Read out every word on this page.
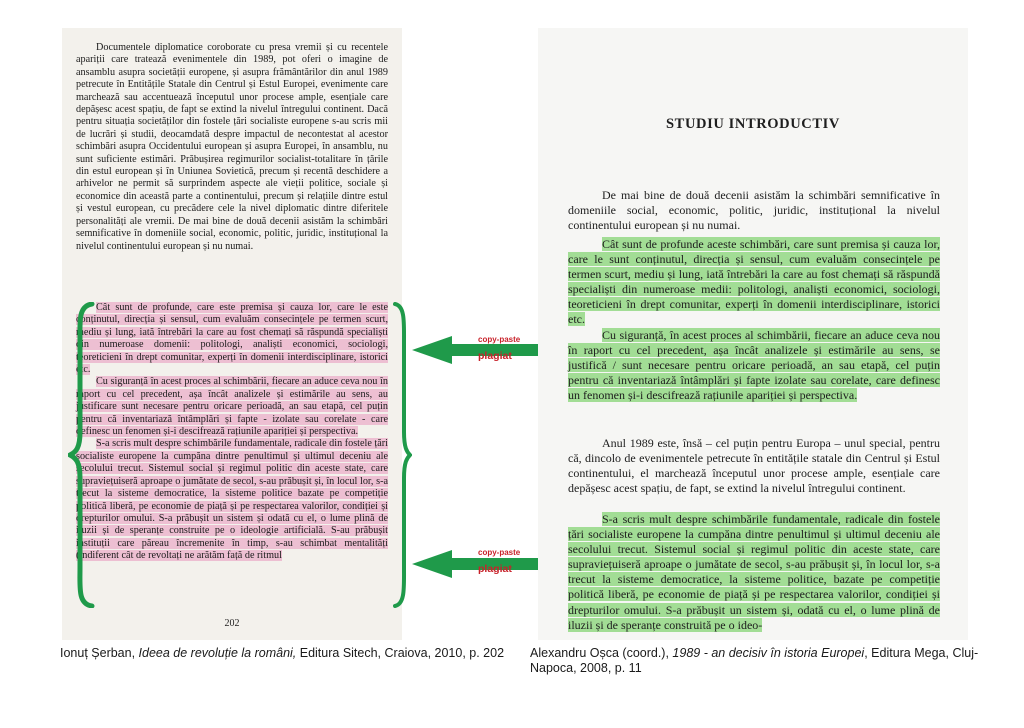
Documentele diplomatice coroborate cu presa vremii și cu recentele apariții care tratează evenimentele din 1989, pot oferi o imagine de ansamblu asupra societății europene, și asupra frământărilor din anul 1989 petrecute în Entitățile Statale din Centrul și Estul Europei, evenimente care marchează sau accentuează începutul unor procese ample, esențiale care depășesc acest spațiu, de fapt se extind la nivelul întregului continent. Dacă pentru situația societăților din fostele țări socialiste europene s-au scris mii de lucrări și studii, deocamdată despre impactul de necontestat al acestor schimbări asupra Occidentului european și asupra Europei, în ansamblu, nu sunt suficiente estimări. Prăbușirea regimurilor socialist-totalitare în țările din estul european și în Uniunea Sovietică, precum și recentă deschidere a arhivelor ne permit să surprindem aspecte ale vieții politice, sociale și economice din această parte a continentului, precum și relațiile dintre estul și vestul european, cu precădere cele la nivel diplomatic dintre diferitele personalități ale vremii. De mai bine de două decenii asistăm la schimbări semnificative în domeniile social, economic, politic, juridic, instituțional la nivelul continentului european și nu numai.

Cât sunt de profunde, care este premisa și cauza lor, care le este conținutul, direcția și sensul, cum evaluăm consecințele pe termen scurt, mediu și lung, iată întrebări la care au fost chemați să răspundă specialiști din numeroase domenii: politologi, analiști economici, sociologi, teoreticieni în drept comunitar, experți în domenii interdisciplinare, istorici etc.

Cu siguranță în acest proces al schimbării, fiecare an aduce ceva nou în raport cu cel precedent, așa încât analizele și estimările au sens, au justificare sunt necesare pentru oricare perioadă, an sau etapă, cel puțin pentru că inventariază întâmplări și fapte - izolate sau corelate - care definesc un fenomen și-i descifrează rațiunile apariției și perspectiva.

S-a scris mult despre schimbările fundamentale, radicale din fostele țări socialiste europene la cumpăna dintre penultimul și ultimul deceniu ale secolului trecut. Sistemul social și regimul politic din aceste state, care supraviețuiseră aproape o jumătate de secol, s-au prăbușit și, în locul lor, s-a trecut la sisteme democratice, la sisteme politice bazate pe competiție politică liberă, pe economie de piață și pe respectarea valorilor, condiției și drepturilor omului. S-a prăbușit un sistem și odată cu el, o lume plină de iluzii și de speranțe construite pe o ideologie artificială. S-au prăbușit instituții care păreau încremenite în timp, s-au schimbat mentalități (indiferent cât de revoltați ne arătăm față de ritmul

202
STUDIU INTRODUCTIV

De mai bine de două decenii asistăm la schimbări semnificative în domeniile social, economic, politic, juridic, instituțional la nivelul continentului european și nu numai.

Cât sunt de profunde aceste schimbări, care sunt premisa și cauza lor, care le sunt conținutul, direcția și sensul, cum evaluăm consecințele pe termen scurt, mediu și lung, iată întrebări la care au fost chemați să răspundă specialiști din numeroase medii: politologi, analiști economici, sociologi, teoreticieni în drept comunitar, experți în domenii interdisciplinare, istorici etc.

Cu siguranță, în acest proces al schimbării, fiecare an aduce ceva nou în raport cu cel precedent, așa încât analizele și estimările au sens, se justifică / sunt necesare pentru oricare perioadă, an sau etapă, cel puțin pentru că inventariază întâmplări și fapte izolate sau corelate, care definesc un fenomen și-i descifrează rațiunile apariției și perspectiva.

Anul 1989 este, însă – cel puțin pentru Europa – unul special, pentru că, dincolo de evenimentele petrecute în entitățile statale din Centrul și Estul continentului, el marchează începutul unor procese ample, esențiale care depășesc acest spațiu, de fapt, se extind la nivelul întregului continent.

S-a scris mult despre schimbările fundamentale, radicale din fostele țări socialiste europene la cumpăna dintre penultimul și ultimul deceniu ale secolului trecut. Sistemul social și regimul politic din aceste state, care supraviețuiseră aproape o jumătate de secol, s-au prăbușit și, în locul lor, s-a trecut la sisteme democratice, la sisteme politice, bazate pe competiție politică liberă, pe economie de piață și pe respectarea valorilor, condiției și drepturilor omului. S-a prăbușit un sistem și, odată cu el, o lume plină de iluzii și de speranțe construită pe o ideo-

copy-paste
plagiat
copy-paste
plagiat
Ionuț Șerban, Ideea de revoluție la români, Editura Sitech, Craiova, 2010, p. 202	Alexandru Oșca (coord.), 1989 - an decisiv în istoria Europei, Editura Mega, Cluj-Napoca, 2008, p. 11
